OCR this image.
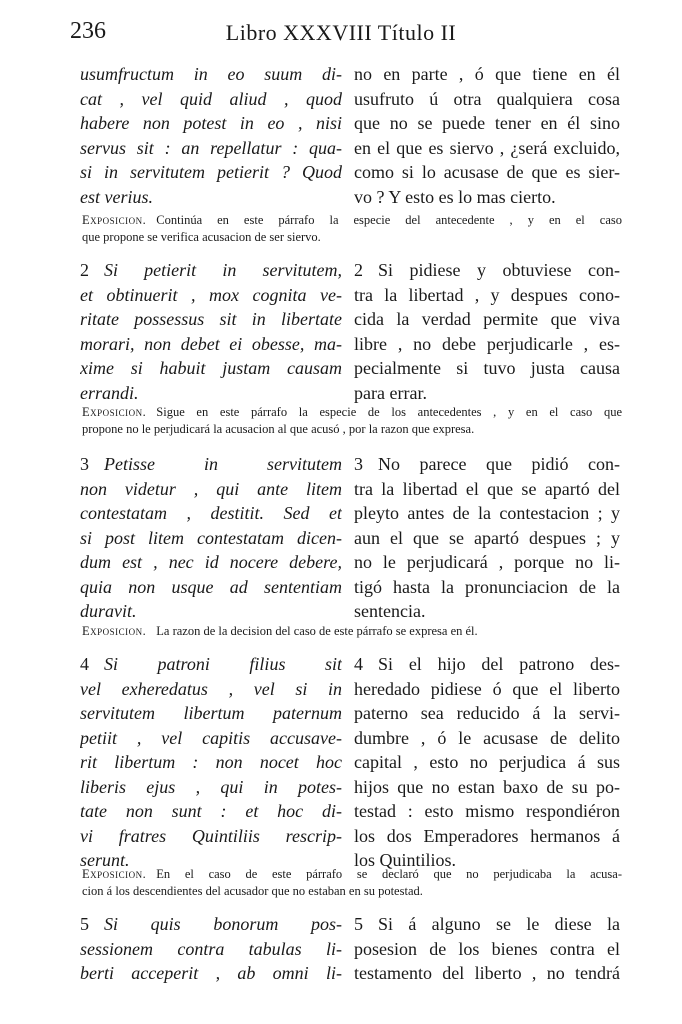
236	Libro XXXVIII Título II
usumfructum in eo suum di-
cat , vel quid aliud , quod
habere non potest in eo , nisi
servus sit : an repellatur : qua-
si in servitutem petierit ? Quod
est verius.
no en parte , ó que tiene en él
usufruto ú otra qualquiera cosa
que no se puede tener en él sino
en el que es siervo , ¿será excluido,
como si lo acusase de que es sier-
vo ? Y esto es lo mas cierto.
Exposicion. Continúa en este párrafo la especie del antecedente , y en el caso
que propone se verifica acusacion de ser siervo.
2 Si petierit in servitutem,
et obtinuerit , mox cognita ve-
ritate possessus sit in libertate
morari, non debet ei obesse, ma-
xime si habuit justam causam
errandi.
2 Si pidiese y obtuviese con-
tra la libertad , y despues cono-
cida la verdad permite que viva
libre , no debe perjudicarle , es-
pecialmente si tuvo justa causa
para errar.
Exposicion. Sigue en este párrafo la especie de los antecedentes , y en el caso que
propone no le perjudicará la acusacion al que acusó , por la razon que expresa.
3 Petisse in servitutem
non videtur , qui ante litem
contestatam , destitit. Sed et
si post litem contestatam dicen-
dum est , nec id nocere debere,
quia non usque ad sententiam
duravit.
3 No parece que pidió con-
tra la libertad el que se apartó del
pleyto antes de la contestacion ; y
aun el que se apartó despues ; y
no le perjudicará , porque no li-
tigó hasta la pronunciacion de la
sentencia.
Exposicion. La razon de la decision del caso de este párrafo se expresa en él.
4 Si patroni filius sit
vel exheredatus , vel si in
servitutem libertum paternum
petiit , vel capitis accusave-
rit libertum : non nocet hoc
liberis ejus , qui in potes-
tate non sunt : et hoc di-
vi fratres Quintiliis rescrip-
serunt.
4 Si el hijo del patrono des-
heredado pidiese ó que el liberto
paterno sea reducido á la servi-
dumbre , ó le acusase de delito
capital , esto no perjudica á sus
hijos que no estan baxo de su po-
testad : esto mismo respondiéron
los dos Emperadores hermanos á
los Quintilios.
Exposicion. En el caso de este párrafo se declaró que no perjudicaba la acusa-
cion á los descendientes del acusador que no estaban en su potestad.
5 Si quis bonorum pos-
sessionem contra tabulas li-
berti acceperit , ab omni li-
5 Si á alguno se le diese la
posesion de los bienes contra el
testamento del liberto , no tendrá
